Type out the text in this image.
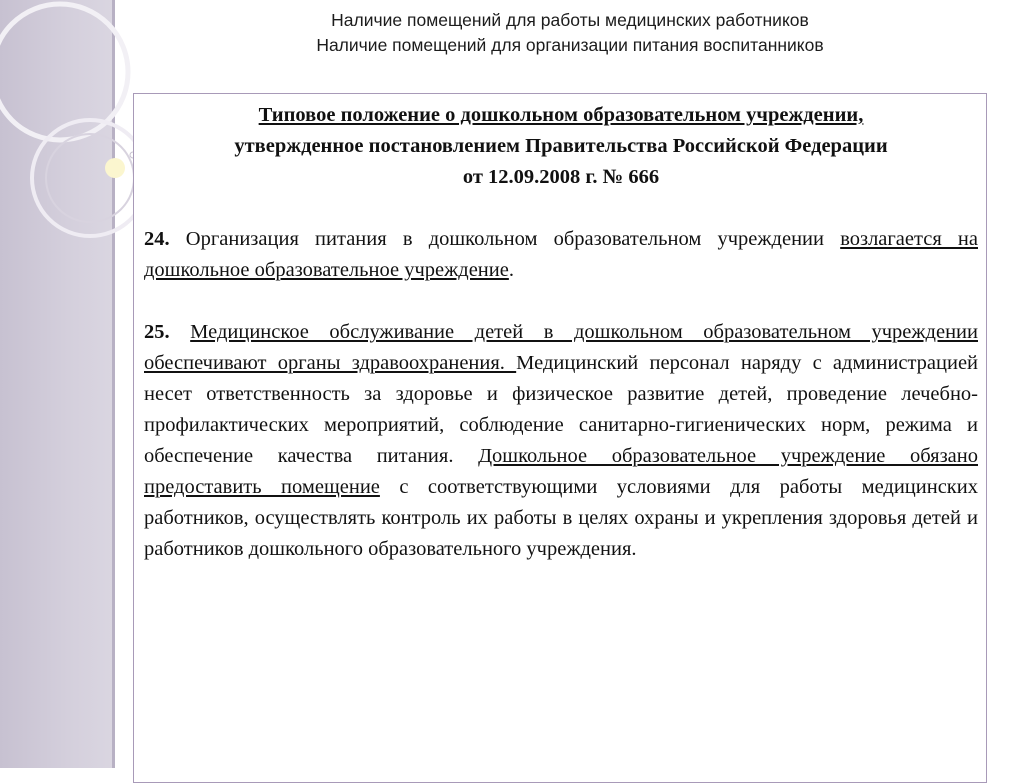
Наличие помещений для работы медицинских работников
Наличие помещений для организации питания воспитанников
Типовое положение о дошкольном образовательном учреждении,
утвержденное постановлением Правительства Российской Федерации
от 12.09.2008 г. № 666
24. Организация питания в дошкольном образовательном учреждении возлагается на дошкольное образовательное учреждение.
25. Медицинское обслуживание детей в дошкольном образовательном учреждении обеспечивают органы здравоохранения. Медицинский персонал наряду с администрацией несет ответственность за здоровье и физическое развитие детей, проведение лечебно- профилактических мероприятий, соблюдение санитарно-гигиенических норм, режима и обеспечение качества питания. Дошкольное образовательное учреждение обязано предоставить помещение с соответствующими условиями для работы медицинских работников, осуществлять контроль их работы в целях охраны и укрепления здоровья детей и работников дошкольного образовательного учреждения.
